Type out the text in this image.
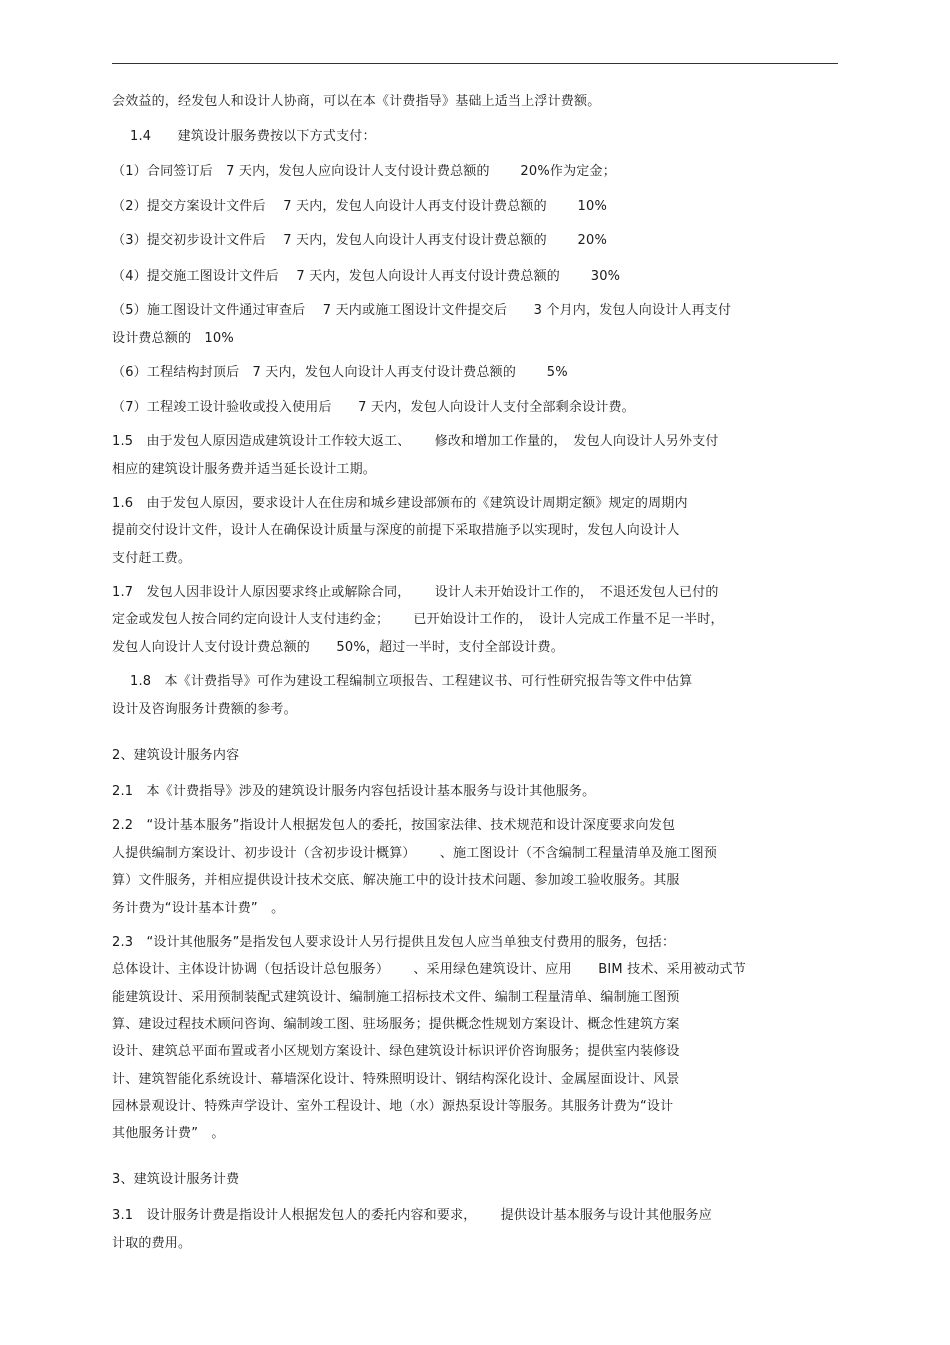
会效益的，经发包人和设计人协商，可以在本《计费指导》基础上适当上浮计费额。
1.4　　建筑设计服务费按以下方式支付：
（1）合同签订后　7 天内，发包人应向设计人支付设计费总额的　　 20%作为定金；
（2）提交方案设计文件后　 7 天内，发包人向设计人再支付设计费总额的　　 10%
（3）提交初步设计文件后　 7 天内，发包人向设计人再支付设计费总额的　　 20%
（4）提交施工图设计文件后　 7 天内，发包人向设计人再支付设计费总额的　　 30%
（5）施工图设计文件通过审查后　 7 天内或施工图设计文件提交后　　3 个月内，发包人向设计人再支付
设计费总额的　10%
（6）工程结构封顶后　7 天内，发包人向设计人再支付设计费总额的　　 5%
（7）工程竣工设计验收或投入使用后　　7 天内，发包人向设计人支付全部剩余设计费。
1.5　由于发包人原因造成建筑设计工作较大返工、　　 修改和增加工作量的，　发包人向设计人另外支付
相应的建筑设计服务费并适当延长设计工期。
1.6　由于发包人原因，要求设计人在住房和城乡建设部颁布的《建筑设计周期定额》规定的周期内
提前交付设计文件，设计人在确保设计质量与深度的前提下采取措施予以实现时，发包人向设计人
支付赶工费。
1.7　发包人因非设计人原因要求终止或解除合同，　　 设计人未开始设计工作的，　不退还发包人已付的
定金或发包人按合同约定向设计人支付违约金；　　 已开始设计工作的，　设计人完成工作量不足一半时，
发包人向设计人支付设计费总额的　　50%，超过一半时，支付全部设计费。
1.8　本《计费指导》可作为建设工程编制立项报告、工程建议书、可行性研究报告等文件中估算
设计及咨询服务计费额的参考。
2、建筑设计服务内容
2.1　本《计费指导》涉及的建筑设计服务内容包括设计基本服务与设计其他服务。
2.2　“设计基本服务”指设计人根据发包人的委托，按国家法律、技术规范和设计深度要求向发包
人提供编制方案设计、初步设计（含初步设计概算）　　 、施工图设计（不含编制工程量清单及施工图预
算）文件服务，并相应提供设计技术交底、解决施工中的设计技术问题、参加竣工验收服务。其服
务计费为“设计基本计费”　。
2.3　“设计其他服务”是指发包人要求设计人另行提供且发包人应当单独支付费用的服务，包括：
总体设计、主体设计协调（包括设计总包服务）　　 、采用绿色建筑设计、应用　　BIM 技术、采用被动式节
能建筑设计、采用预制装配式建筑设计、编制施工招标技术文件、编制工程量清单、编制施工图预
算、建设过程技术顾问咨询、编制竣工图、驻场服务；提供概念性规划方案设计、概念性建筑方案
设计、建筑总平面布置或者小区规划方案设计、绿色建筑设计标识评价咨询服务；提供室内装修设
计、建筑智能化系统设计、幕墙深化设计、特殊照明设计、钢结构深化设计、金属屋面设计、风景
园林景观设计、特殊声学设计、室外工程设计、地（水）源热泵设计等服务。其服务计费为“设计
其他服务计费”　。
3、建筑设计服务计费
3.1　设计服务计费是指设计人根据发包人的委托内容和要求，　　 提供设计基本服务与设计其他服务应
计取的费用。
